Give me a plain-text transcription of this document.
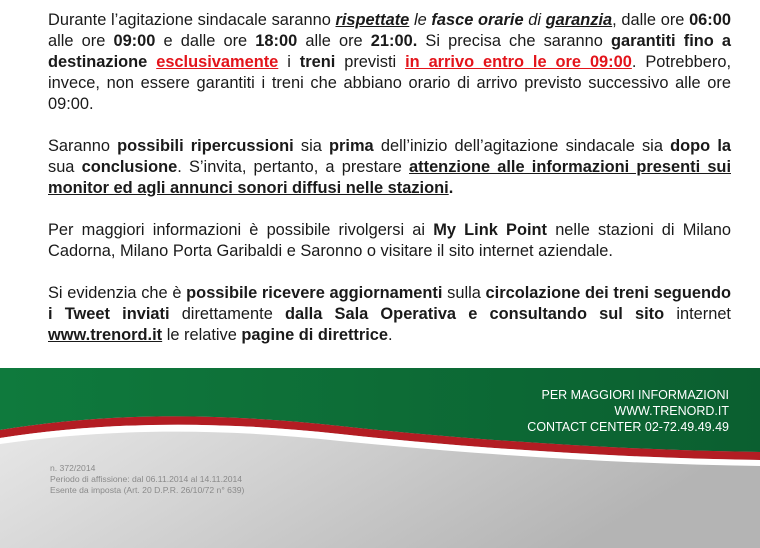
Durante l’agitazione sindacale saranno rispettate le fasce orarie di garanzia, dalle ore 06:00 alle ore 09:00 e dalle ore 18:00 alle ore 21:00. Si precisa che saranno garantiti fino a destinazione esclusivamente i treni previsti in arrivo entro le ore 09:00. Potrebbero, invece, non essere garantiti i treni che abbiano orario di arrivo previsto successivo alle ore 09:00.

Saranno possibili ripercussioni sia prima dell’inizio dell’agitazione sindacale sia dopo la sua conclusione. S’invita, pertanto, a prestare attenzione alle informazioni presenti sui monitor ed agli annunci sonori diffusi nelle stazioni.

Per maggiori informazioni è possibile rivolgersi ai My Link Point nelle stazioni di Milano Cadorna, Milano Porta Garibaldi e Saronno o visitare il sito internet aziendale.

Si evidenzia che è possibile ricevere aggiornamenti sulla circolazione dei treni seguendo i Tweet inviati direttamente dalla Sala Operativa e consultando sul sito internet www.trenord.it le relative pagine di direttrice.

PER MAGGIORI INFORMAZIONI
WWW.TRENORD.IT
CONTACT CENTER 02-72.49.49.49
n. 372/2014
Periodo di affissione: dal 06.11.2014 al 14.11.2014
Esente da imposta (Art. 20 D.P.R. 26/10/72 n° 639)
